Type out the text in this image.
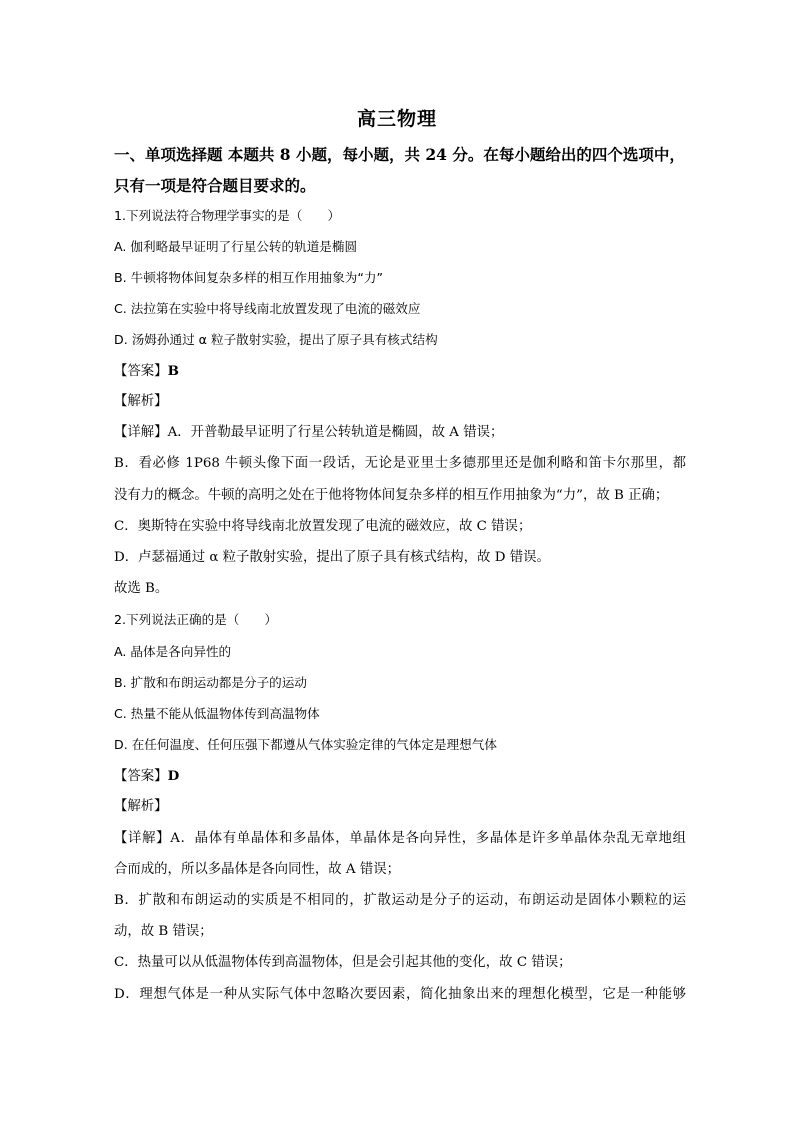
高三物理
一、单项选择题 本题共 8 小题，每小题，共 24 分。在每小题给出的四个选项中，
只有一项是符合题目要求的。
1.下列说法符合物理学事实的是（　　）
A. 伽利略最早证明了行星公转的轨道是椭圆
B. 牛顿将物体间复杂多样的相互作用抽象为“力”
C. 法拉第在实验中将导线南北放置发现了电流的磁效应
D. 汤姆孙通过 α 粒子散射实验，提出了原子具有核式结构
【答案】B
【解析】
【详解】A．开普勒最早证明了行星公转轨道是椭圆，故 A 错误；
B．看必修 1P68 牛顿头像下面一段话，无论是亚里士多德那里还是伽利略和笛卡尔那里，都
没有力的概念。牛顿的高明之处在于他将物体间复杂多样的相互作用抽象为“力”，故 B 正确；
C．奥斯特在实验中将导线南北放置发现了电流的磁效应，故 C 错误；
D．卢瑟福通过 α 粒子散射实验，提出了原子具有核式结构，故 D 错误。
故选 B。
2.下列说法正确的是（　　）
A. 晶体是各向异性的
B. 扩散和布朗运动都是分子的运动
C. 热量不能从低温物体传到高温物体
D. 在任何温度、任何压强下都遵从气体实验定律的气体定是理想气体
【答案】D
【解析】
【详解】A．晶体有单晶体和多晶体，单晶体是各向异性，多晶体是许多单晶体杂乱无章地组
合而成的，所以多晶体是各向同性，故 A 错误；
B．扩散和布朗运动的实质是不相同的，扩散运动是分子的运动，布朗运动是固体小颗粒的运
动，故 B 错误；
C．热量可以从低温物体传到高温物体，但是会引起其他的变化，故 C 错误；
D．理想气体是一种从实际气体中忽略次要因素，简化抽象出来的理想化模型，它是一种能够
